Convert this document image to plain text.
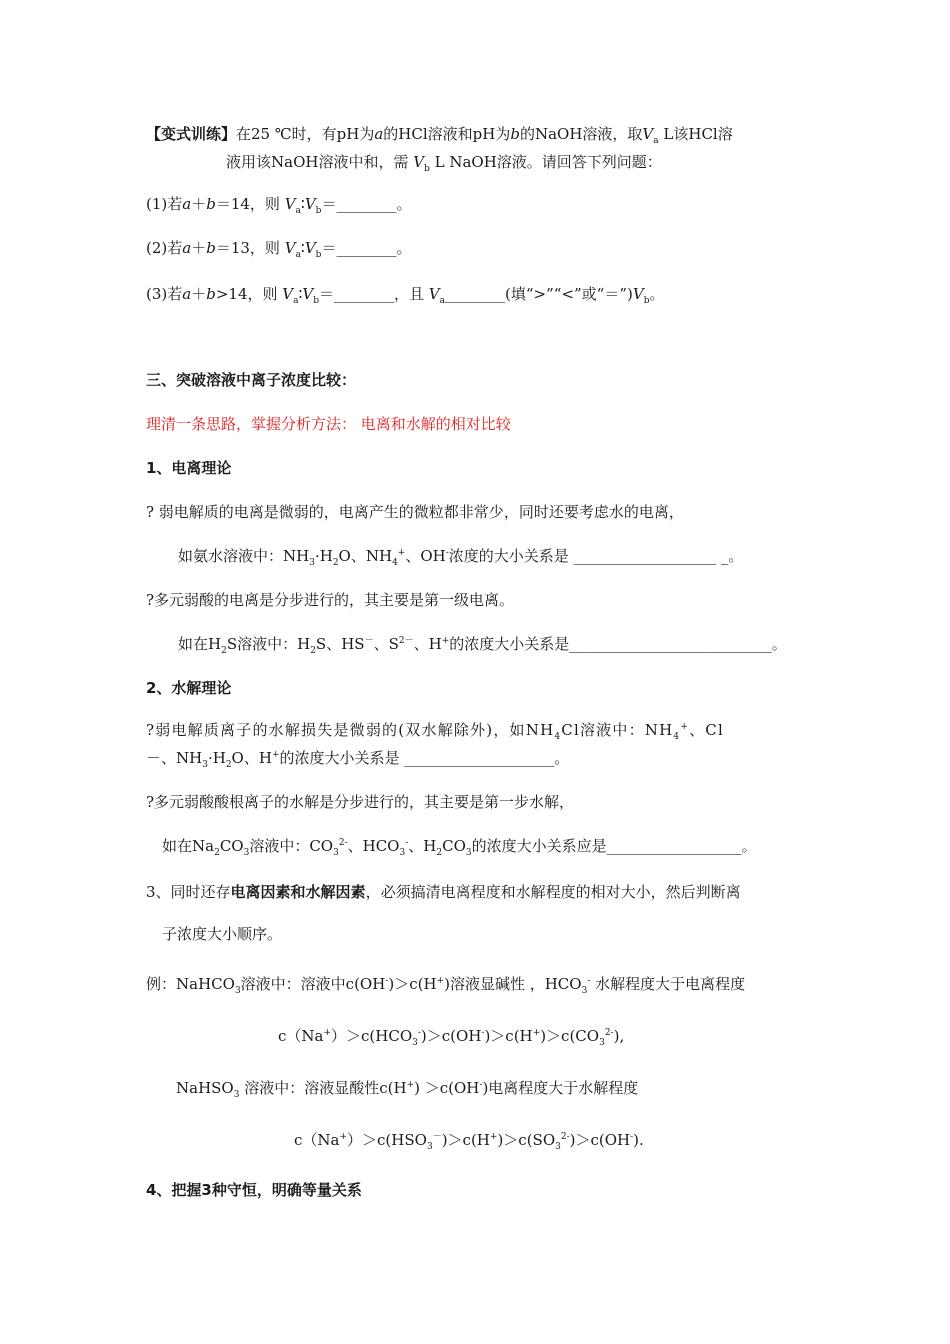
【变式训练】在25 ℃时，有pH为a的HCl溶液和pH为b的NaOH溶液，取$V_a$ L该HCl溶
液用该NaOH溶液中和，需 $V_b$ L NaOH溶液。请回答下列问题：
(1)若a＋b＝14，则 $V_a∶V_b=\_\_\_\_\_\_\_\_$。
(2)若a＋b＝13，则 $V_a∶V_b=\_\_\_\_\_\_\_\_$。
(3)若a＋b>14，则 $V_a∶V_b=\_\_\_\_\_\_\_\_$，且 $V_a\_\_\_\_\_\_\_\_$(填“>”“<”或“$=”)V_b$。
三、突破溶液中离子浓度比较：
理清一条思路，掌握分析方法： 电离和水解的相对比较
1、电离理论
? 弱电解质的电离是微弱的，电离产生的微粒都非常少，同时还要考虑水的电离，
如氨水溶液中：$NH_3\cdot H_2O$、$NH_4^+$、OH-浓度的大小关系是 ___________________ _。
?多元弱酸的电离是分步进行的，其主要是第一级电离。
如在$H_2S$溶液中：$H_2S$、HS－、$S^{2-}$、H+的浓度大小关系是___________________________。
2、水解理论
?弱电解质离子的水解损失是微弱的(双水解除外)，如$NH_4Cl$溶液中：$NH_4^+$、Cl
－、$NH_3\cdot H_2O$、H+的浓度大小关系是 ____________________。
?多元弱酸酸根离子的水解是分步进行的，其主要是第一步水解，
如在$Na_2CO_3$溶液中：$CO_3^{2-}$、$HCO_3^-$、$H_2CO_3$的浓度大小关系应是__________________。
3、同时还存电离因素和水解因素，必须搞清电离程度和水解程度的相对大小，然后判断离
子浓度大小顺序。
例：NaHCO$_3$溶液中：溶液中c(OH-)＞c(H+)溶液显碱性 ，$HCO_3^-$ 水解程度大于电离程度
$c(Na^+)>c(HCO_3^-)>c(OH^-)>c(H^+)>c(CO_3^{2-})$,
NaHSO$_3$ 溶液中：溶液显酸性c(H+) ＞c(OH-)电离程度大于水解程度
$c(Na^+)>c(HSO_3^-)>c(H^+)>c(SO_3^{2-})>c(OH^-)$.
4、把握3种守恒，明确等量关系
